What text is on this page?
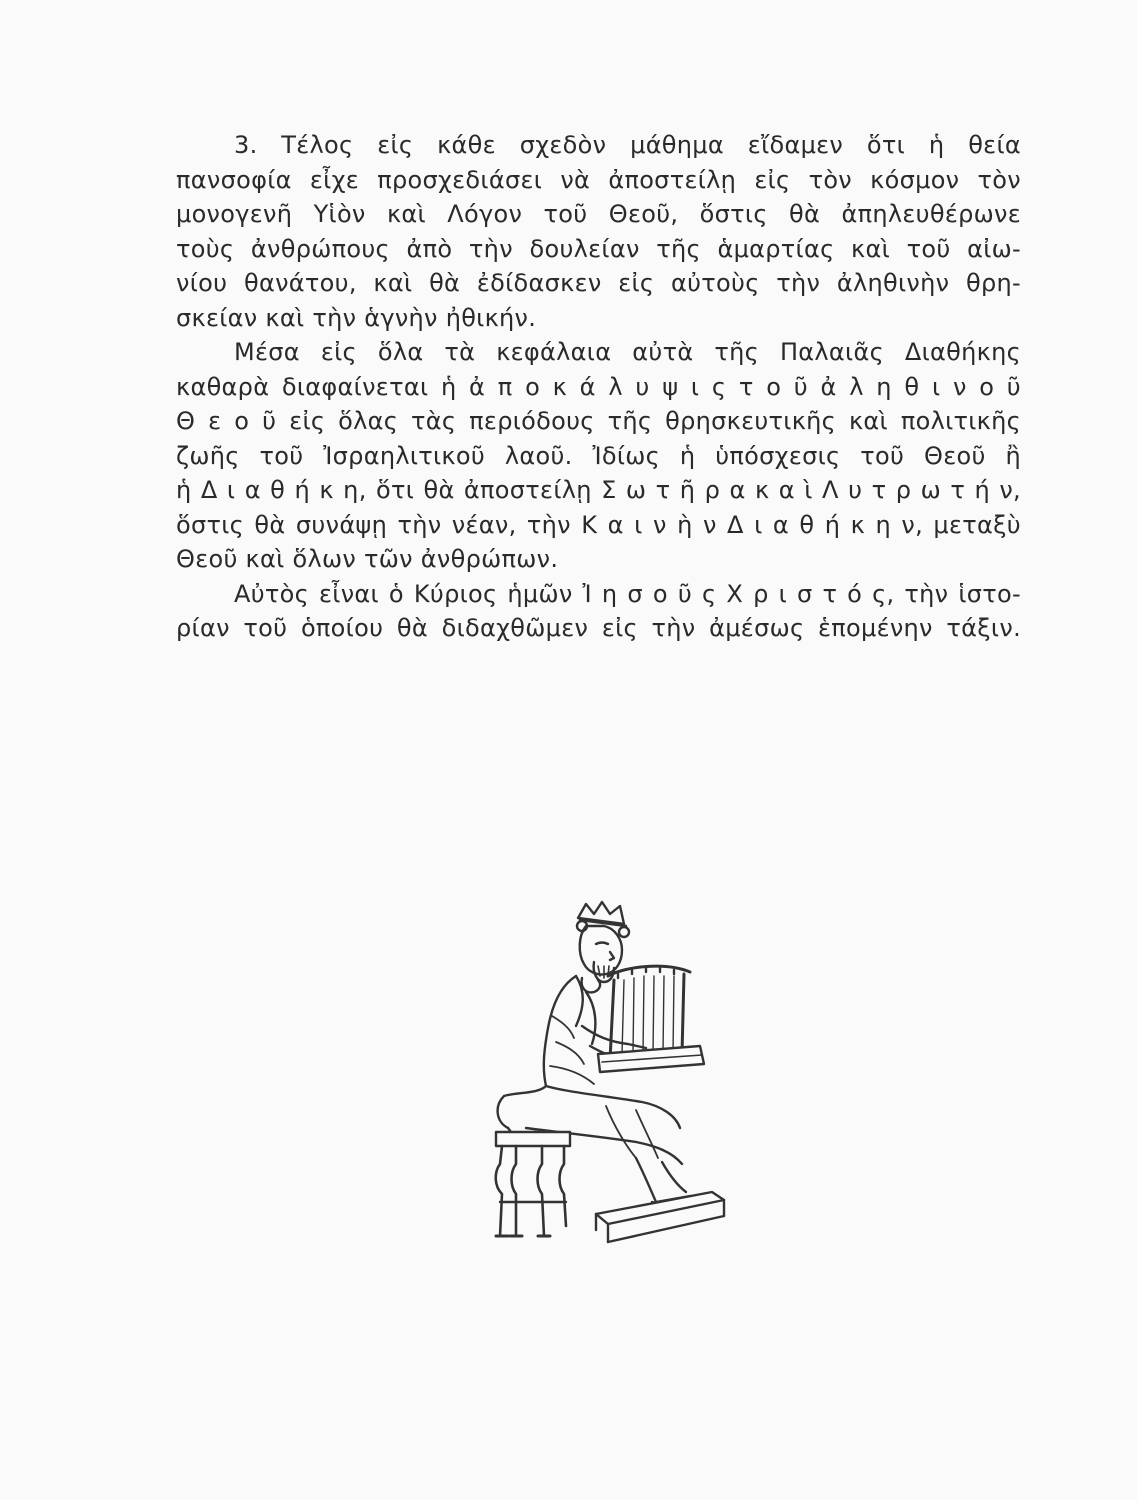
3. Τέλος εἰς κάθε σχεδὸν μάθημα εἴδαμεν ὅτι ἡ θεία
πανσοφία εἶχε προσχεδιάσει νὰ ἀποστείλῃ εἰς τὸν κόσμον τὸν
μονογενῆ Υἱὸν καὶ Λόγον τοῦ Θεοῦ, ὅστις θὰ ἀπηλευθέρωνε
τοὺς ἀνθρώπους ἀπὸ τὴν δουλείαν τῆς ἁμαρτίας καὶ τοῦ αἰω-
νίου θανάτου, καὶ θὰ ἐδίδασκεν εἰς αὐτοὺς τὴν ἀληθινὴν θρη-
σκείαν καὶ τὴν ἁγνὴν ἠθικήν.
Μέσα εἰς ὅλα τὰ κεφάλαια αὐτὰ τῆς Παλαιᾶς Διαθήκης
καθαρὰ διαφαίνεται ἡ ἀ π ο κ ά λ υ ψ ι ς τ ο ῦ ἀ λ η θ ι ν ο ῦ
Θ ε ο ῦ εἰς ὅλας τὰς περιόδους τῆς θρησκευτικῆς καὶ πολιτικῆς
ζωῆς τοῦ Ἰσραηλιτικοῦ λαοῦ. Ἰδίως ἡ ὑπόσχεσις τοῦ Θεοῦ ἢ
ἡ Δ ι α θ ή κ η, ὅτι θὰ ἀποστείλῃ Σ ω τ ῆ ρ α κ α ὶ Λ υ τ ρ ω τ ή ν,
ὅστις θὰ συνάψῃ τὴν νέαν, τὴν Κ α ι ν ὴ ν Δ ι α θ ή κ η ν, μεταξὺ
Θεοῦ καὶ ὅλων τῶν ἀνθρώπων.
Αὐτὸς εἶναι ὁ Κύριος ἡμῶν Ἰ η σ ο ῦ ς Χ ρ ι σ τ ό ς, τὴν ἱστο-
ρίαν τοῦ ὁποίου θὰ διδαχθῶμεν εἰς τὴν ἀμέσως ἑπομένην τάξιν.
